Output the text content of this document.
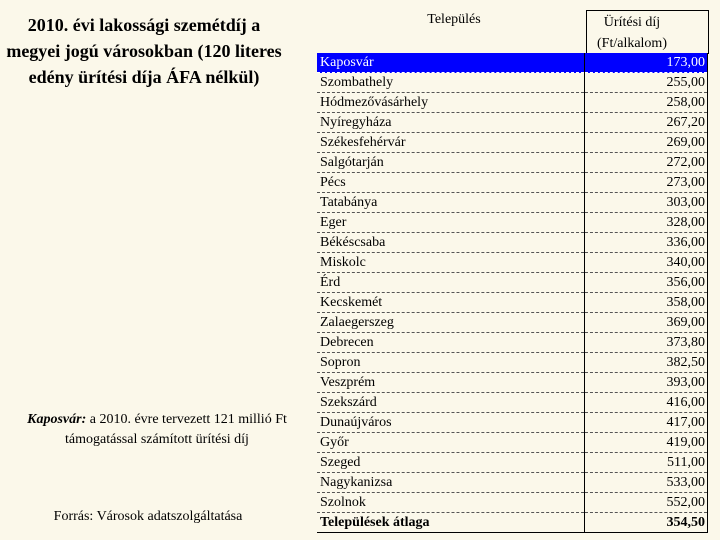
2010. évi lakossági szemétdíj a megyei jogú városokban (120 literes edény ürítési díja ÁFA nélkül)
Kaposvár: a 2010. évre tervezett 121 millió Ft támogatással számított ürítési díj
Forrás: Városok adatszolgáltatása
Település	Ürítési díj
(Ft/alkalom)
Kaposvár	173,00
Szombathely	255,00
Hódmezővásárhely	258,00
Nyíregyháza	267,20
Székesfehérvár	269,00
Salgótarján	272,00
Pécs	273,00
Tatabánya	303,00
Eger	328,00
Békéscsaba	336,00
Miskolc	340,00
Érd	356,00
Kecskemét	358,00
Zalaegerszeg	369,00
Debrecen	373,80
Sopron	382,50
Veszprém	393,00
Szekszárd	416,00
Dunaújváros	417,00
Győr	419,00
Szeged	511,00
Nagykanizsa	533,00
Szolnok	552,00
Települések átlaga	354,50
